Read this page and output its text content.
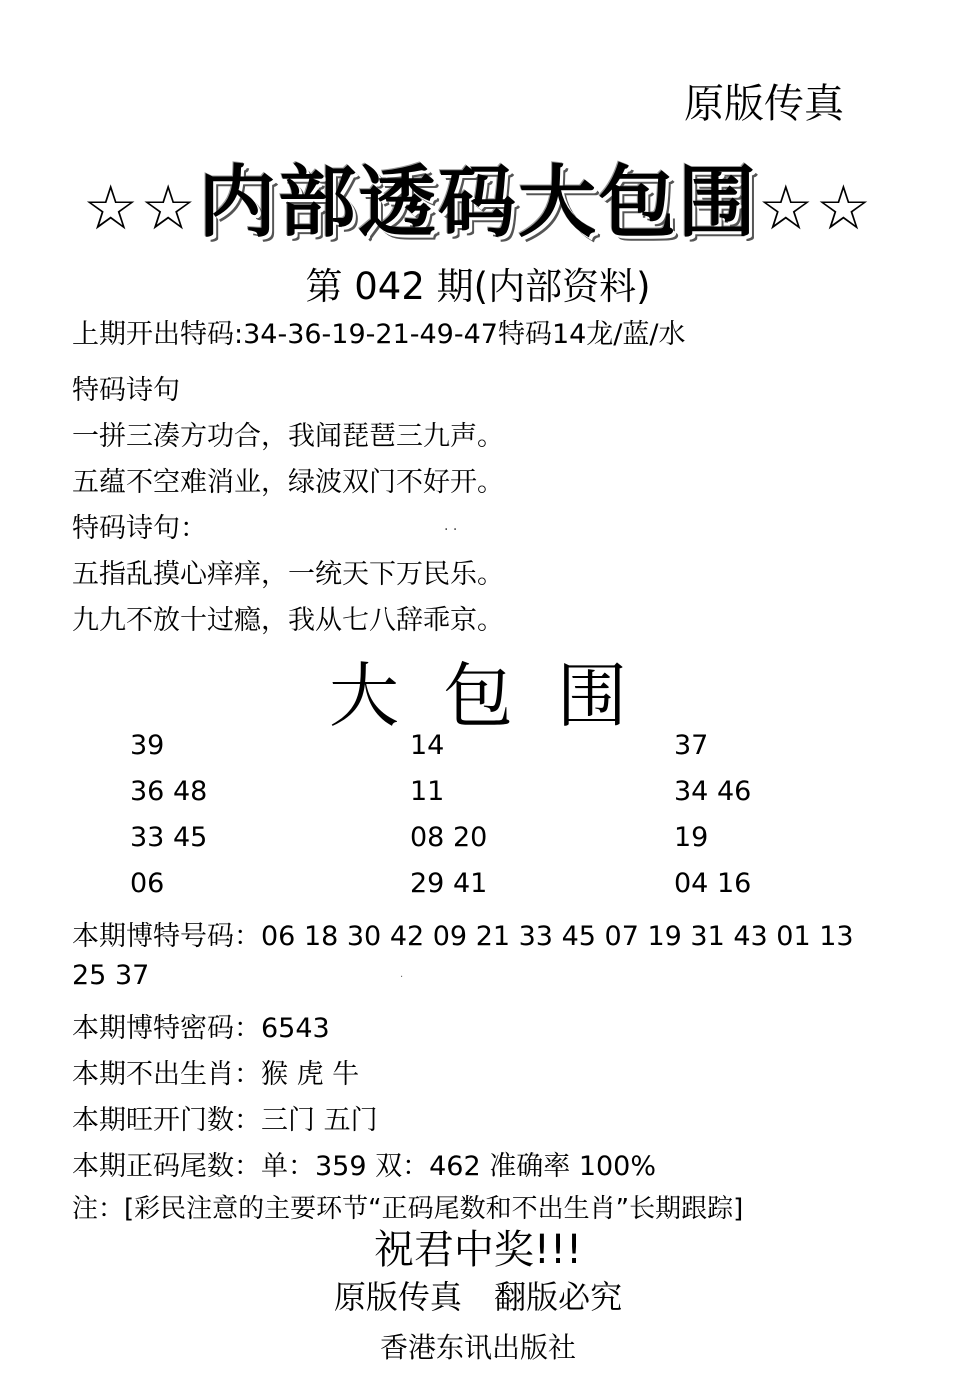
原版传真
☆☆内部透码大包围☆☆
第 042 期(内部资料)
上期开出特码:34-36-19-21-49-47特码14龙/蓝/水
特码诗句
一拼三凑方功合，我闻琵琶三九声。
五蕴不空难消业，绿波双门不好开。
特码诗句：	· ·
五指乱摸心痒痒，一统天下万民乐。
九九不放十过瘾，我从七八辞乖京。
大包围
39
36 48
33 45
06
14
11
08 20
29 41
37
34 46
19
04 16
本期博特号码：06 18 30 42 09 21 33 45 07 19 31 43 01 13
25 37	·
本期博特密码：6543
本期不出生肖：猴 虎 牛
本期旺开门数：三门 五门
本期正码尾数：单：359 双：462 准确率 100%
注：[彩民注意的主要环节“正码尾数和不出生肖”长期跟踪]
祝君中奖!!!
原版传真 翻版必究
香港东讯出版社
